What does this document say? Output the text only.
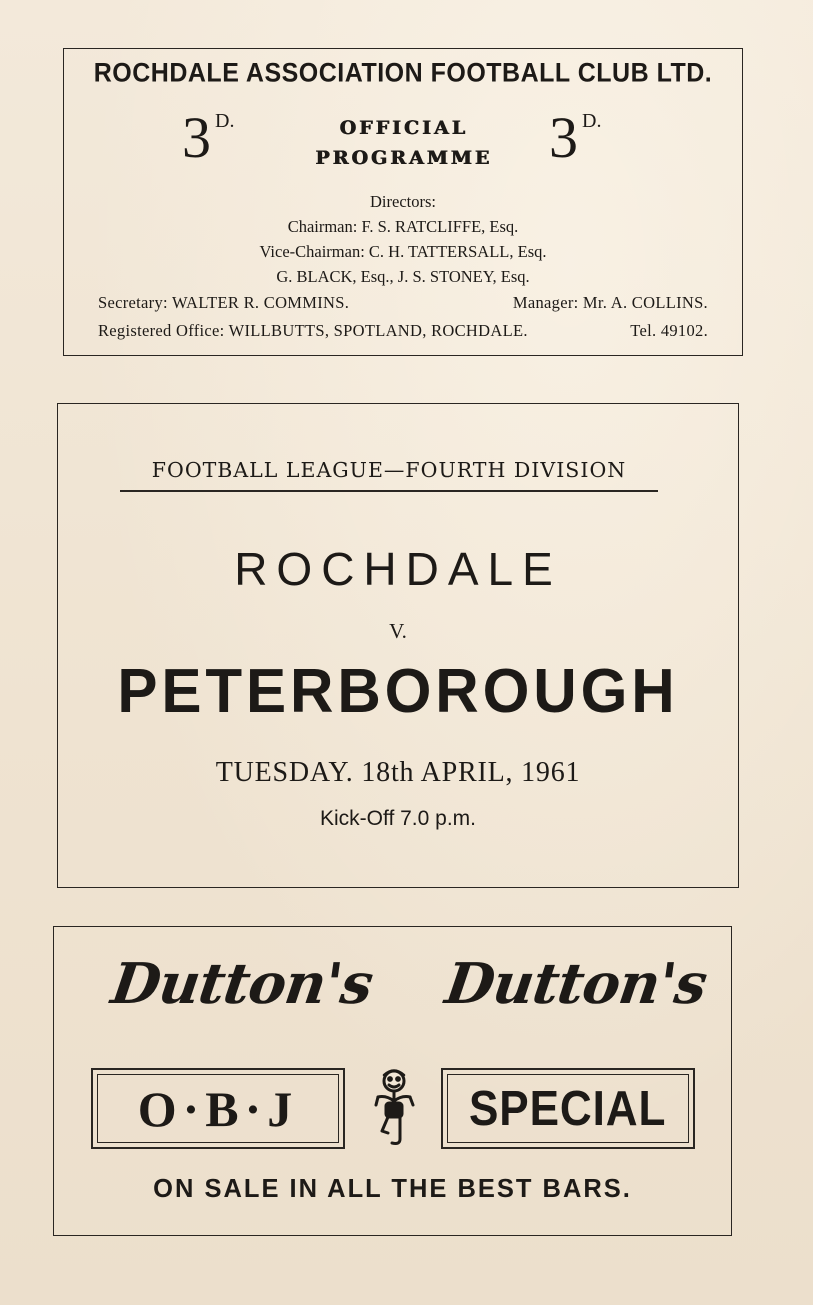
ROCHDALE ASSOCIATION FOOTBALL CLUB LTD.
3 $^{D.}$	OFFICIAL
PROGRAMME 3 $^{D.}$
Directors:
Chairman: F. S. RATCLIFFE, Esq.
Vice-Chairman: C. H. TATTERSALL, Esq.
G. BLACK, Esq., J. S. STONEY, Esq.
Secretary: WALTER R. COMMINS.	Manager: Mr. A. COLLINS.
Registered Office: WILLBUTTS, SPOTLAND, ROCHDALE.	Tel. 49102.
FOOTBALL LEAGUE—FOURTH DIVISION
ROCHDALE
V.
PETERBOROUGH
TUESDAY. 18th APRIL, 1961
Kick-Off 7.0 p.m.
Dutton's Dutton's
O·B·J	SPECIAL
ON SALE IN ALL THE BEST BARS.
